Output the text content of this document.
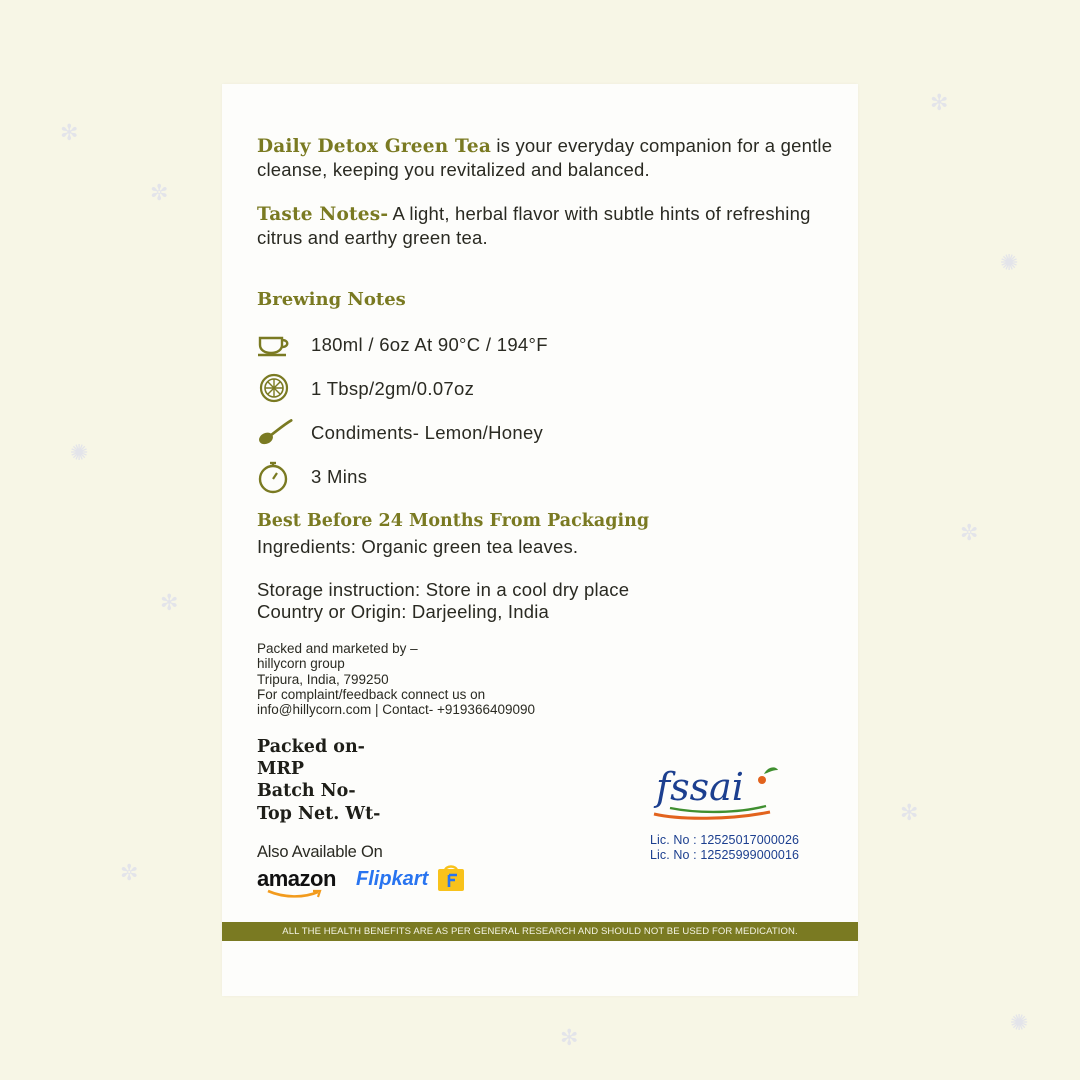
✻
✼
✺
✻
✼
✻
✺
✼
✻
✺
✻
Daily Detox Green Tea is your everyday companion for a gentle cleanse, keeping you revitalized and balanced.
Taste Notes- A light, herbal flavor with subtle hints of refreshing citrus and earthy green tea.
Brewing Notes
180ml / 6oz At 90°C / 194°F
1 Tbsp/2gm/0.07oz
Condiments- Lemon/Honey
3 Mins
Best Before 24 Months From Packaging
Ingredients: Organic green tea leaves.
Storage instruction: Store in a cool dry place
Country or Origin: Darjeeling, India
Packed and marketed by –
hillycorn group
Tripura, India, 799250
For complaint/feedback connect us on
info@hillycorn.com | Contact- +919366409090
Packed on-
MRP
Batch No-
Top Net. Wt-
Also Available On
amazon Flipkart
fssai
Lic. No : 12525017000026
Lic. No : 12525999000016
ALL THE HEALTH BENEFITS ARE AS PER GENERAL RESEARCH AND SHOULD NOT BE USED FOR MEDICATION.
